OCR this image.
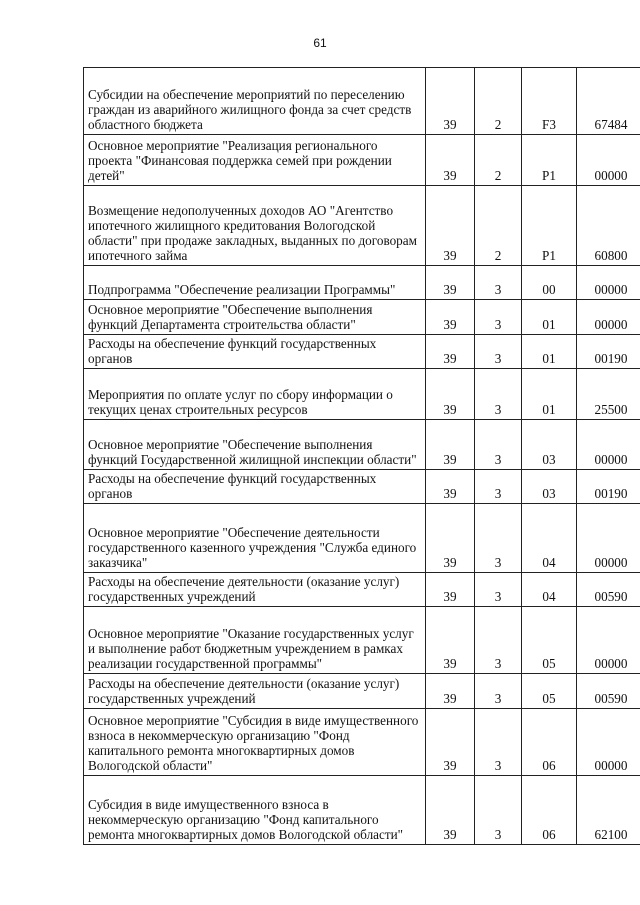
61
Субсидии на обеспечение мероприятий по переселению граждан из аварийного жилищного фонда за счет средств областного бюджета	39	2	F3	67484
Основное мероприятие "Реализация регионального проекта "Финансовая поддержка семей при рождении детей"	39	2	P1	00000
Возмещение недополученных доходов АО "Агентство ипотечного жилищного кредитования Вологодской области" при продаже закладных, выданных по договорам ипотечного займа	39	2	P1	60800
Подпрограмма "Обеспечение реализации Программы"	39	3	00	00000
Основное мероприятие "Обеспечение выполнения функций Департамента строительства области"	39	3	01	00000
Расходы на обеспечение функций государственных органов	39	3	01	00190
Мероприятия по оплате услуг по сбору информации о текущих ценах строительных ресурсов	39	3	01	25500
Основное мероприятие "Обеспечение выполнения функций Государственной жилищной инспекции области"	39	3	03	00000
Расходы на обеспечение функций государственных органов	39	3	03	00190
Основное мероприятие "Обеспечение деятельности государственного казенного учреждения "Служба единого заказчика"	39	3	04	00000
Расходы на обеспечение деятельности (оказание услуг) государственных учреждений	39	3	04	00590
Основное мероприятие "Оказание государственных услуг и выполнение работ бюджетным учреждением в рамках реализации государственной программы"	39	3	05	00000
Расходы на обеспечение деятельности (оказание услуг) государственных учреждений	39	3	05	00590
Основное мероприятие "Субсидия в виде имущественного взноса в некоммерческую организацию "Фонд капитального ремонта многоквартирных домов Вологодской области"	39	3	06	00000
Субсидия в виде имущественного взноса в некоммерческую организацию "Фонд капитального ремонта многоквартирных домов Вологодской области"	39	3	06	62100
